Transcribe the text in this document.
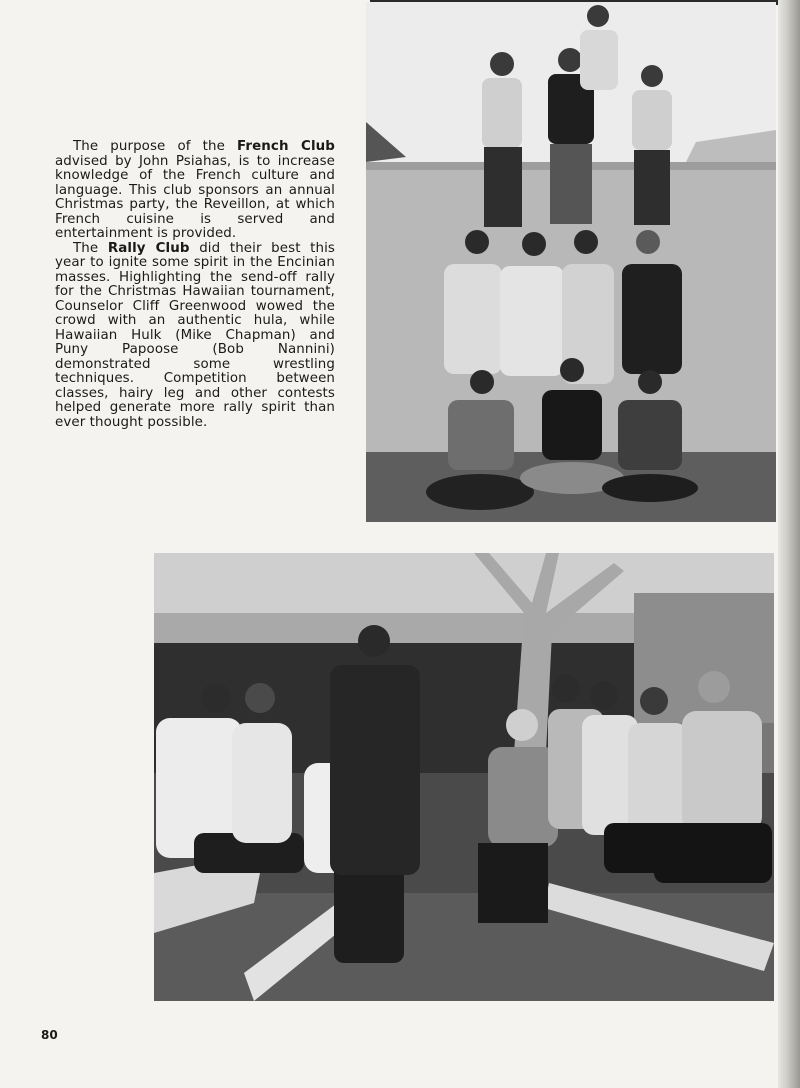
The purpose of the French Club advised by John Psiahas, is to increase knowledge of the French culture and language. This club sponsors an annual Christmas party, the Reveillon, at which French cuisine is served and entertainment is provided.

The Rally Club did their best this year to ignite some spirit in the Encinian masses. Highlighting the send-off rally for the Christmas Hawaiian tournament, Counselor Cliff Greenwood wowed the crowd with an authentic hula, while Hawaiian Hulk (Mike Chapman) and Puny Papoose (Bob Nannini) demonstrated some wrestling techniques. Competition between classes, hairy leg and other contests helped generate more rally spirit than ever thought possible.

80
